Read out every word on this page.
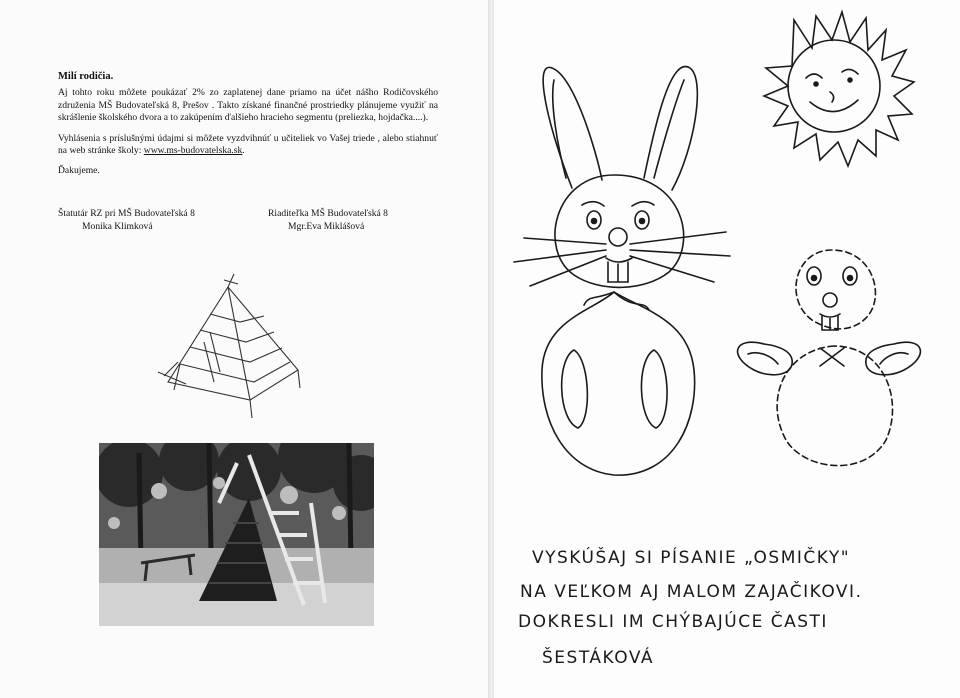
Milí rodičia.

Aj tohto roku môžete poukázať 2% zo zaplatenej dane priamo na účet nášho Rodičovského združenia MŠ Budovateľská 8, Prešov . Takto získané finančné prostriedky plánujeme využiť na skrášlenie školského dvora a to zakúpením ďalšieho hracieho segmentu (preliezka, hojdačka....).

Vyhlásenia s príslušnými údajmi si môžete vyzdvihnúť u učiteliek vo Vašej triede , alebo stiahnuť na web stránke školy: www.ms-budovatelska.sk.

Ďakujeme.
Štatutár RZ pri MŠ Budovateľská 8
Monika Klimková
Riaditeľka MŠ Budovateľská 8
Mgr.Eva Miklášová
VYSKÚŠAJ SI PÍSANIE „OSMIČKY"
NA VEĽKOM AJ MALOM ZAJAČIKOVI.
DOKRESLI IM CHÝBAJÚCE ČASTI
ŠESTÁKOVÁ
